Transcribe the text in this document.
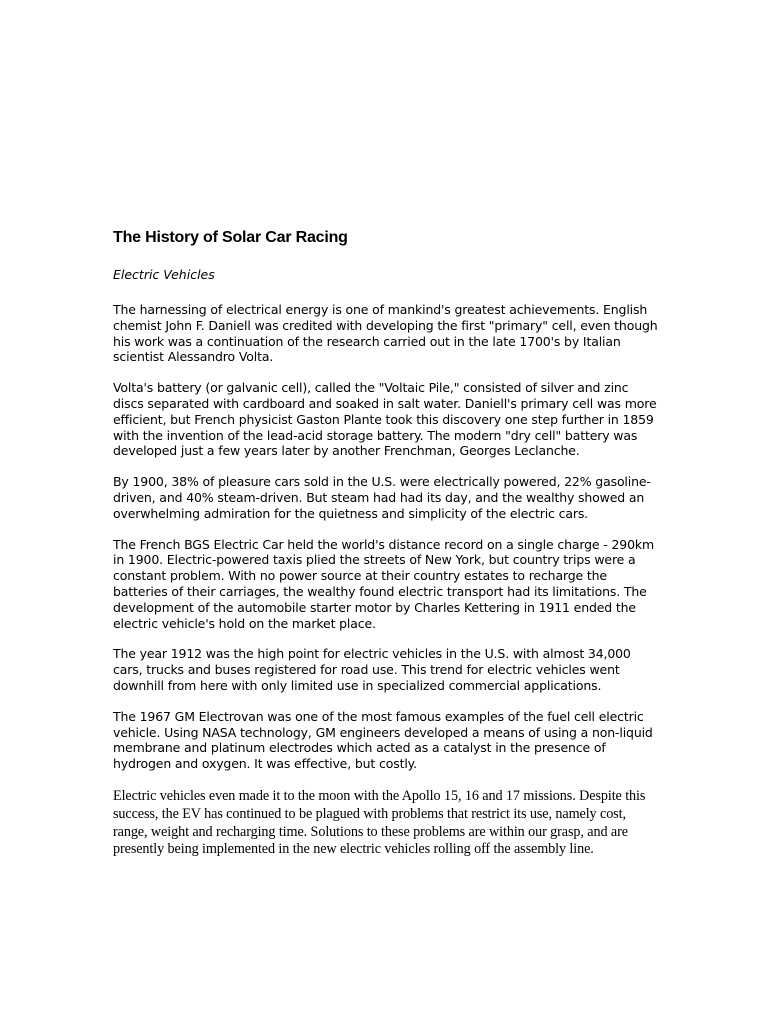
The History of Solar Car Racing

Electric Vehicles

The harnessing of electrical energy is one of mankind's greatest achievements. English chemist John F. Daniell was credited with developing the first "primary" cell, even though his work was a continuation of the research carried out in the late 1700's by Italian scientist Alessandro Volta.

Volta's battery (or galvanic cell), called the "Voltaic Pile," consisted of silver and zinc discs separated with cardboard and soaked in salt water. Daniell's primary cell was more efficient, but French physicist Gaston Plante took this discovery one step further in 1859 with the invention of the lead-acid storage battery. The modern "dry cell" battery was developed just a few years later by another Frenchman, Georges Leclanche.

By 1900, 38% of pleasure cars sold in the U.S. were electrically powered, 22% gasoline-driven, and 40% steam-driven. But steam had had its day, and the wealthy showed an overwhelming admiration for the quietness and simplicity of the electric cars.

The French BGS Electric Car held the world's distance record on a single charge - 290km in 1900. Electric-powered taxis plied the streets of New York, but country trips were a constant problem. With no power source at their country estates to recharge the batteries of their carriages, the wealthy found electric transport had its limitations. The development of the automobile starter motor by Charles Kettering in 1911 ended the electric vehicle's hold on the market place.

The year 1912 was the high point for electric vehicles in the U.S. with almost 34,000 cars, trucks and buses registered for road use. This trend for electric vehicles went downhill from here with only limited use in specialized commercial applications.

The 1967 GM Electrovan was one of the most famous examples of the fuel cell electric vehicle. Using NASA technology, GM engineers developed a means of using a non-liquid membrane and platinum electrodes which acted as a catalyst in the presence of hydrogen and oxygen. It was effective, but costly.

Electric vehicles even made it to the moon with the Apollo 15, 16 and 17 missions. Despite this success, the EV has continued to be plagued with problems that restrict its use, namely cost, range, weight and recharging time. Solutions to these problems are within our grasp, and are presently being implemented in the new electric vehicles rolling off the assembly line.
